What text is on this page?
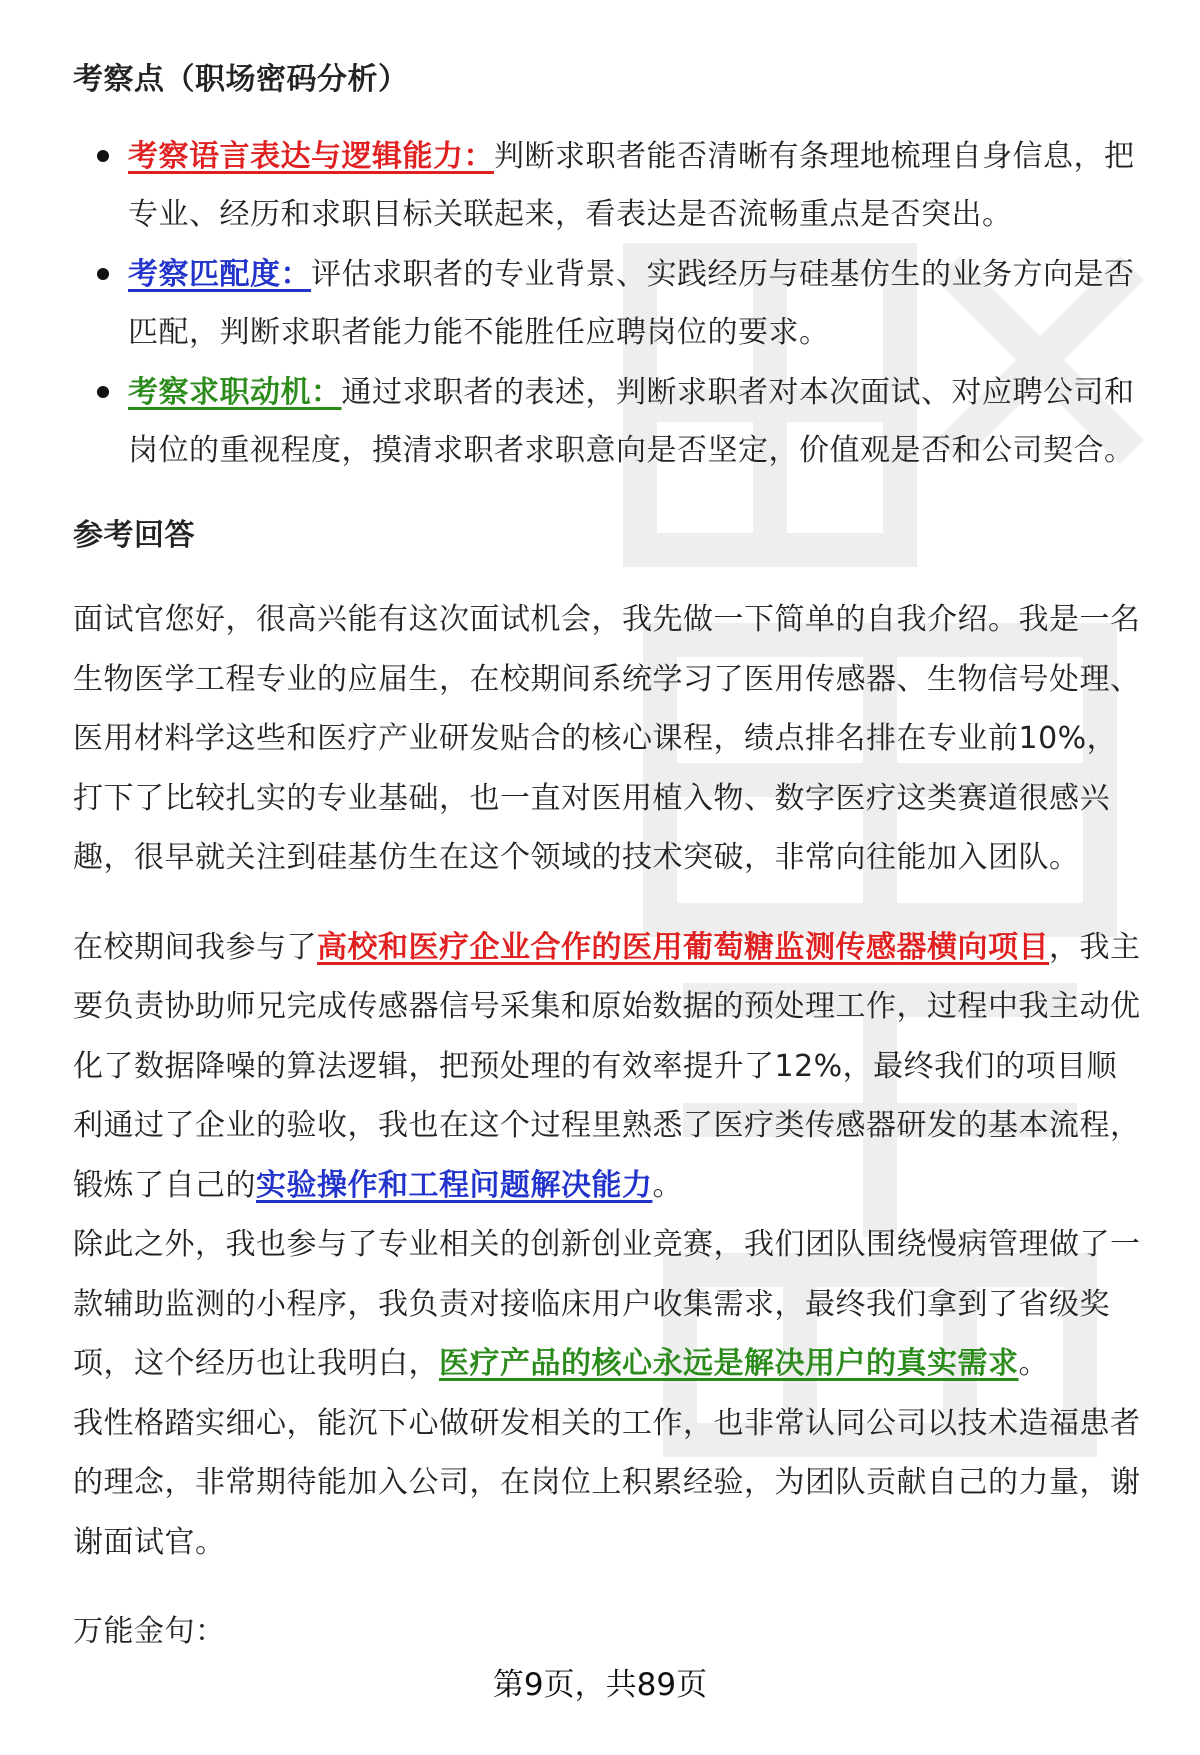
考察点（职场密码分析）
考察语言表达与逻辑能力：判断求职者能否清晰有条理地梳理自身信息，把专业、经历和求职目标关联起来，看表达是否流畅重点是否突出。
考察匹配度：评估求职者的专业背景、实践经历与硅基仿生的业务方向是否匹配，判断求职者能力能不能胜任应聘岗位的要求。
考察求职动机：通过求职者的表述，判断求职者对本次面试、对应聘公司和岗位的重视程度，摸清求职者求职意向是否坚定，价值观是否和公司契合。
参考回答

面试官您好，很高兴能有这次面试机会，我先做一下简单的自我介绍。我是一名生物医学工程专业的应届生，在校期间系统学习了医用传感器、生物信号处理、医用材料学这些和医疗产业研发贴合的核心课程，绩点排名排在专业前10%，打下了比较扎实的专业基础，也一直对医用植入物、数字医疗这类赛道很感兴趣，很早就关注到硅基仿生在这个领域的技术突破，非常向往能加入团队。

在校期间我参与了高校和医疗企业合作的医用葡萄糖监测传感器横向项目，我主要负责协助师兄完成传感器信号采集和原始数据的预处理工作，过程中我主动优化了数据降噪的算法逻辑，把预处理的有效率提升了12%，最终我们的项目顺利通过了企业的验收，我也在这个过程里熟悉了医疗类传感器研发的基本流程，锻炼了自己的实验操作和工程问题解决能力。

除此之外，我也参与了专业相关的创新创业竞赛，我们团队围绕慢病管理做了一款辅助监测的小程序，我负责对接临床用户收集需求，最终我们拿到了省级奖项，这个经历也让我明白，医疗产品的核心永远是解决用户的真实需求。

我性格踏实细心，能沉下心做研发相关的工作，也非常认同公司以技术造福患者的理念，非常期待能加入公司，在岗位上积累经验，为团队贡献自己的力量，谢谢面试官。

万能金句：

第9页，共89页
